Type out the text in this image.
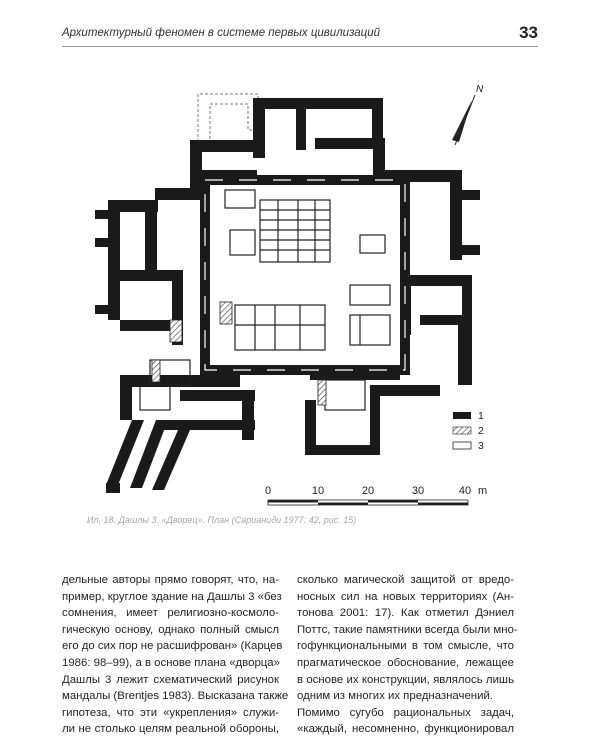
Архитектурный феномен в системе первых цивилизаций	33
N
1
2
3
0	10	20	30	40 m
Ил. 18. Дашлы 3. «Дворец». План (Сарианиди 1977: 42, рис. 15)
дельные авторы прямо говорят, что, на-
пример, круглое здание на Дашлы 3 «без
сомнения, имеет религиозно-космоло-
гическую основу, однако полный смысл
его до сих пор не расшифрован» (Карцев
1986: 98–99), а в основе плана «дворца»
Дашлы 3 лежит схематический рисунок
мандалы (Brentjes 1983). Высказана также
гипотеза, что эти «укрепления» служи-
ли не столько целям реальной обороны,
сколько магической защитой от вредо-
носных сил на новых территориях (Ан-
тонова 2001: 17). Как отметил Дэниел
Поттс, такие памятники всегда были мно-
гофункциональными в том смысле, что
прагматическое обоснование, лежащее
в основе их конструкции, являлось лишь
одним из многих их предназначений.
Помимо сугубо рациональных задач,
«каждый, несомненно, функционировал
